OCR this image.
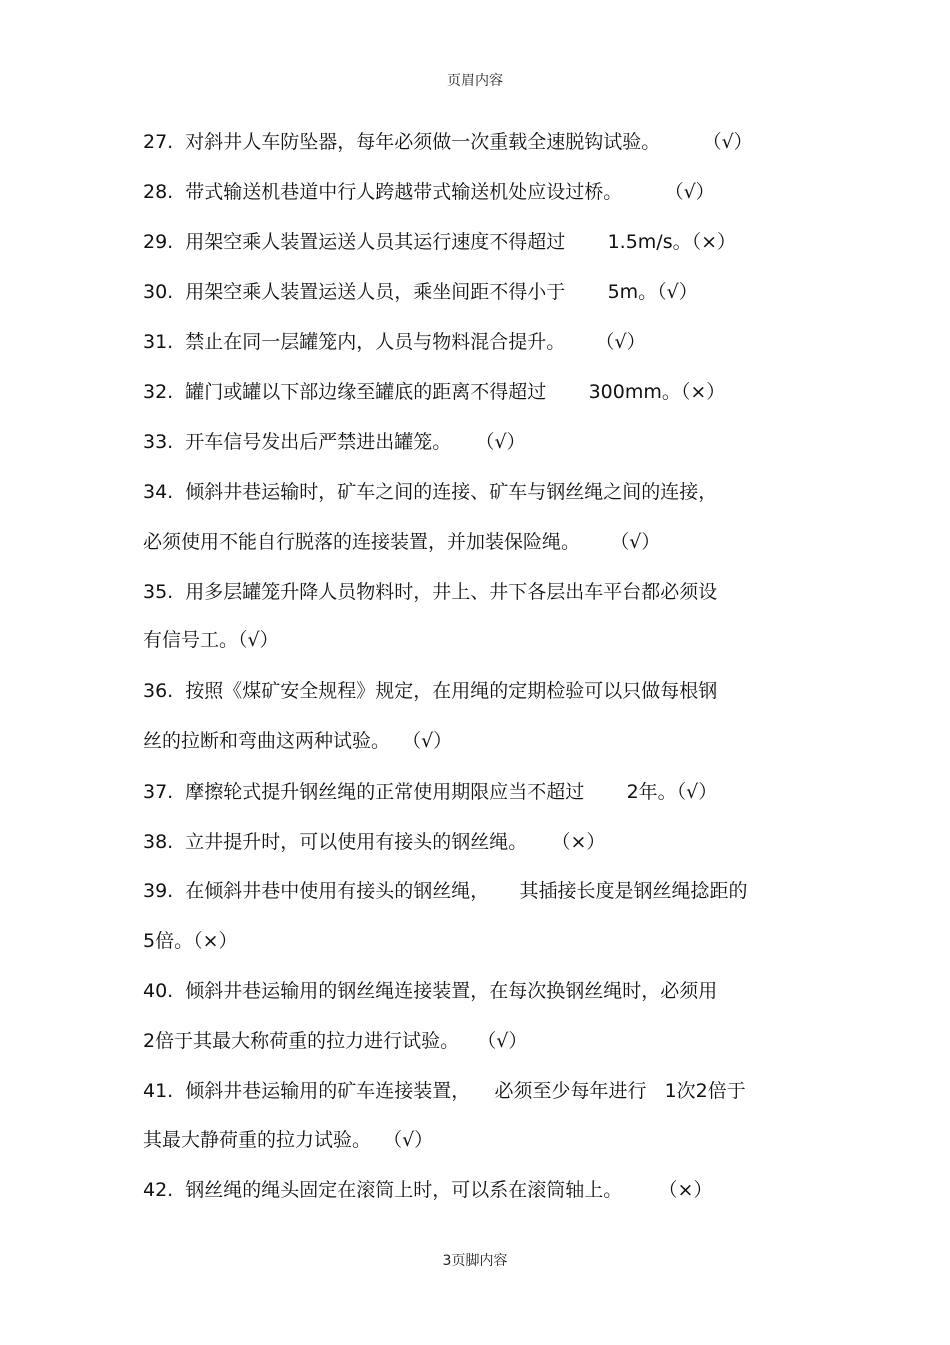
页眉内容
27.  对斜井人车防坠器，每年必须做一次重载全速脱钩试验。       （√）
28.  带式输送机巷道中行人跨越带式输送机处应设过桥。       （√）
29.  用架空乘人装置运送人员其运行速度不得超过       1.5m/s。（×）
30.  用架空乘人装置运送人员，乘坐间距不得小于       5m。（√）
31.  禁止在同一层罐笼内，人员与物料混合提升。     （√）
32.  罐门或罐以下部边缘至罐底的距离不得超过       300mm。（×）
33.  开车信号发出后严禁进出罐笼。    （√）
34.  倾斜井巷运输时，矿车之间的连接、矿车与钢丝绳之间的连接，
必须使用不能自行脱落的连接装置，并加装保险绳。     （√）
35.  用多层罐笼升降人员物料时，井上、井下各层出车平台都必须设
有信号工。（√）
36.  按照《煤矿安全规程》规定，在用绳的定期检验可以只做每根钢
丝的拉断和弯曲这两种试验。  （√）
37.  摩擦轮式提升钢丝绳的正常使用期限应当不超过       2年。（√）
38.  立井提升时，可以使用有接头的钢丝绳。    （×）
39.  在倾斜井巷中使用有接头的钢丝绳，     其插接长度是钢丝绳捻距的
5倍。（×）
40.  倾斜井巷运输用的钢丝绳连接装置，在每次换钢丝绳时，必须用
2倍于其最大称荷重的拉力进行试验。   （√）
41.  倾斜井巷运输用的矿车连接装置，    必须至少每年进行   1次2倍于
其最大静荷重的拉力试验。  （√）
42.  钢丝绳的绳头固定在滚筒上时，可以系在滚筒轴上。      （×）
3页脚内容
